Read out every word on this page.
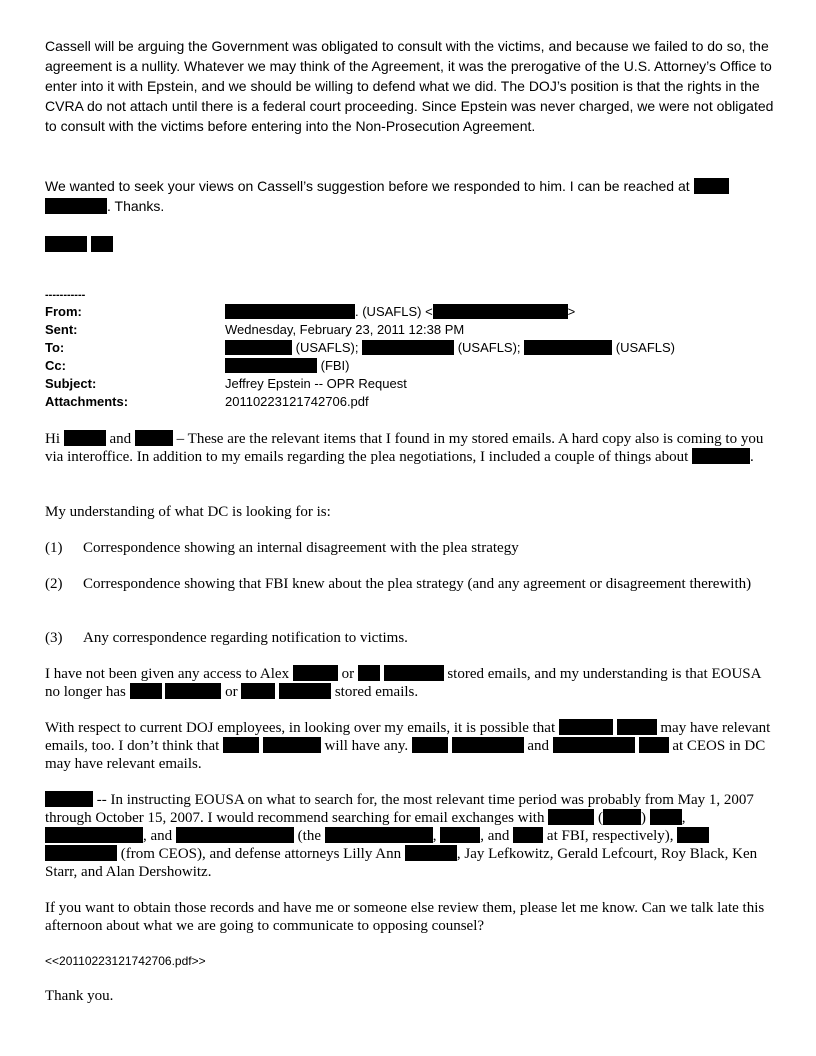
Cassell will be arguing the Government was obligated to consult with the victims, and because we failed to do so, the agreement is a nullity. Whatever we may think of the Agreement, it was the prerogative of the U.S. Attorney’s Office to enter into it with Epstein, and we should be willing to defend what we did. The DOJ’s position is that the rights in the CVRA do not attach until there is a federal court proceeding. Since Epstein was never charged, we were not obligated to consult with the victims before entering into the Non-Prosecution Agreement.
We wanted to seek your views on Cassell’s suggestion before we responded to him. I can be reached at
. Thanks.

-----------
From:	. (USAFLS) <	>
Sent:	Wednesday, February 23, 2011 12:38 PM
To:	(USAFLS);	(USAFLS);	(USAFLS)
Cc:	(FBI)
Subject:	Jeffrey Epstein -- OPR Request
Attachments:	20110223121742706.pdf
Hi	and	– These are the relevant items that I found in my stored emails. A hard copy also is coming to you via interoffice. In addition to my emails regarding the plea negotiations, I included a couple of things about	.
My understanding of what DC is looking for is:
(1) Correspondence showing an internal disagreement with the plea strategy
(2) Correspondence showing that FBI knew about the plea strategy (and any agreement or disagreement therewith)
(3) Any correspondence regarding notification to victims.
I have not been given any access to Alex	or	stored emails, and my understanding is that EOUSA no longer has	or	stored emails.
With respect to current DOJ employees, in looking over my emails, it is possible that	may have relevant emails, too. I don’t think that	will have any.	and	at CEOS in DC may have relevant emails.
-- In instructing EOUSA on what to search for, the most relevant time period was probably from May 1, 2007 through October 15, 2007. I would recommend searching for email exchanges with	(	) , , and	(the	,	, and  at FBI, respectively),   (from CEOS), and defense attorneys Lilly Ann	, Jay Lefkowitz, Gerald Lefcourt, Roy Black, Ken Starr, and Alan Dershowitz.
If you want to obtain those records and have me or someone else review them, please let me know. Can we talk late this afternoon about what we are going to communicate to opposing counsel?
<<20110223121742706.pdf>>
Thank you.
